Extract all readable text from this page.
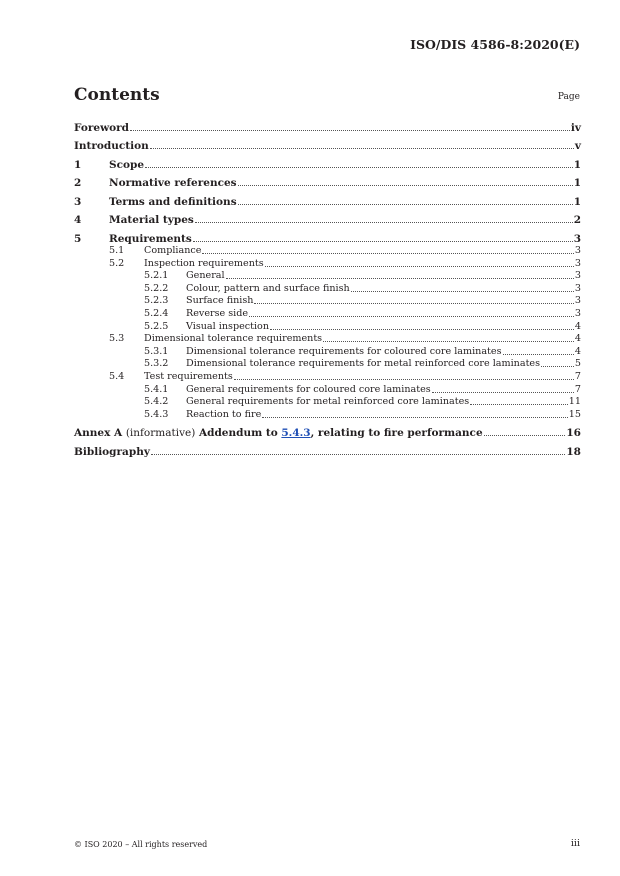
ISO/DIS 4586-8:2020(E)
Contents	Page
Foreword	iv
Introduction	v
1	Scope	1
2	Normative references	1
3	Terms and definitions	1
4	Material types	2
5	Requirements	3
5.1	Compliance	3
5.2	Inspection requirements	3
5.2.1	General	3
5.2.2	Colour, pattern and surface finish	3
5.2.3	Surface finish	3
5.2.4	Reverse side	3
5.2.5	Visual inspection	4
5.3	Dimensional tolerance requirements	4
5.3.1	Dimensional tolerance requirements for coloured core laminates	4
5.3.2	Dimensional tolerance requirements for metal reinforced core laminates	5
5.4	Test requirements	7
5.4.1	General requirements for coloured core laminates	7
5.4.2	General requirements for metal reinforced core laminates	11
5.4.3	Reaction to fire	15
Annex A (informative) Addendum to 5.4.3, relating to fire performance	16
Bibliography	18
© ISO 2020 – All rights reserved	iii
